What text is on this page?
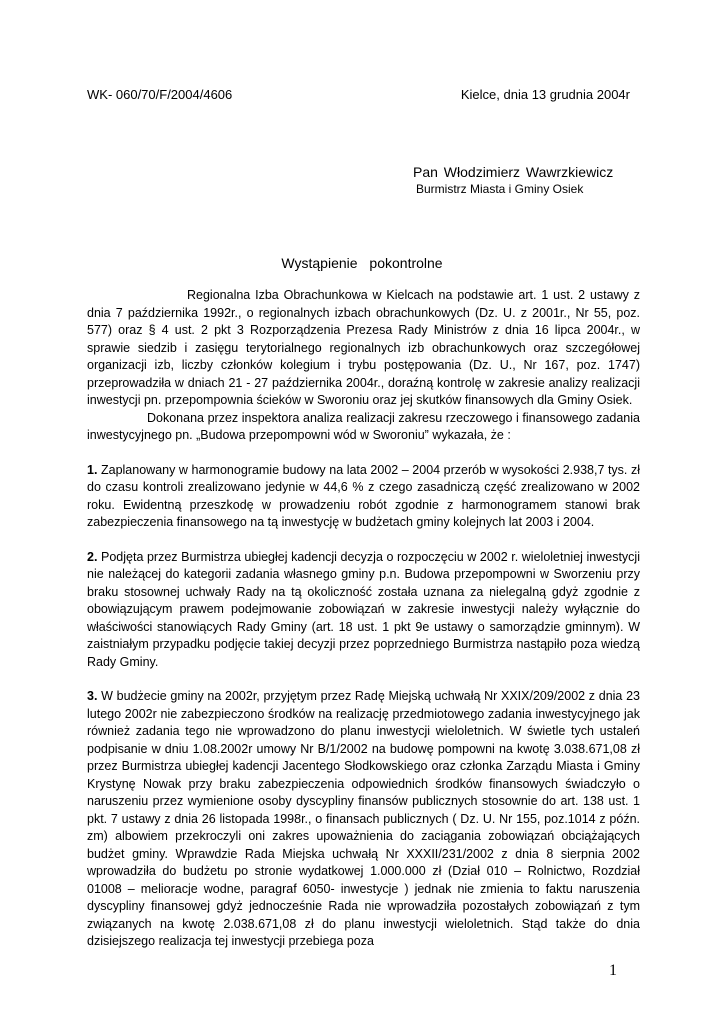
WK- 060/70/F/2004/4606	Kielce, dnia 13 grudnia 2004r
Pan Włodzimierz Wawrzkiewicz
Burmistrz Miasta i Gminy Osiek
Wystąpienie pokontrolne

Regionalna Izba Obrachunkowa w Kielcach na podstawie art. 1 ust. 2 ustawy z dnia 7 października 1992r., o regionalnych izbach obrachunkowych (Dz. U. z 2001r., Nr 55, poz. 577) oraz § 4 ust. 2 pkt 3 Rozporządzenia Prezesa Rady Ministrów z dnia 16 lipca 2004r., w sprawie siedzib i zasięgu terytorialnego regionalnych izb obrachunkowych oraz szczegółowej organizacji izb, liczby członków kolegium i trybu postępowania (Dz. U., Nr 167, poz. 1747) przeprowadziła w dniach 21 - 27 października 2004r., doraźną kontrolę w zakresie analizy realizacji inwestycji pn. przepompownia ścieków w Sworoniu oraz jej skutków finansowych dla Gminy Osiek.

Dokonana przez inspektora analiza realizacji zakresu rzeczowego i finansowego zadania inwestycyjnego pn. „Budowa przepompowni wód w Sworoniu” wykazała, że :

1. Zaplanowany w harmonogramie budowy na lata 2002 – 2004 przerób w wysokości 2.938,7 tys. zł do czasu kontroli zrealizowano jedynie w 44,6 % z czego zasadniczą część zrealizowano w 2002 roku. Ewidentną przeszkodę w prowadzeniu robót zgodnie z harmonogramem stanowi brak zabezpieczenia finansowego na tą inwestycję w budżetach gminy kolejnych lat 2003 i 2004.

2. Podjęta przez Burmistrza ubiegłej kadencji decyzja o rozpoczęciu w 2002 r. wieloletniej inwestycji nie należącej do kategorii zadania własnego gminy p.n. Budowa przepompowni w Sworzeniu przy braku stosownej uchwały Rady na tą okoliczność została uznana za nielegalną gdyż zgodnie z obowiązującym prawem podejmowanie zobowiązań w zakresie inwestycji należy wyłącznie do właściwości stanowiących Rady Gminy (art. 18 ust. 1 pkt 9e ustawy o samorządzie gminnym). W zaistniałym przypadku podjęcie takiej decyzji przez poprzedniego Burmistrza nastąpiło poza wiedzą Rady Gminy.

3. W budżecie gminy na 2002r, przyjętym przez Radę Miejską uchwałą Nr XXIX/209/2002 z dnia 23 lutego 2002r nie zabezpieczono środków na realizację przedmiotowego zadania inwestycyjnego jak również zadania tego nie wprowadzono do planu inwestycji wieloletnich. W świetle tych ustaleń podpisanie w dniu 1.08.2002r umowy Nr B/1/2002 na budowę pompowni na kwotę 3.038.671,08 zł przez Burmistrza ubiegłej kadencji Jacentego Słodkowskiego oraz członka Zarządu Miasta i Gminy Krystynę Nowak przy braku zabezpieczenia odpowiednich środków finansowych świadczyło o naruszeniu przez wymienione osoby dyscypliny finansów publicznych stosownie do art. 138 ust. 1 pkt. 7 ustawy z dnia 26 listopada 1998r., o finansach publicznych ( Dz. U. Nr 155, poz.1014 z późn. zm) albowiem przekroczyli oni zakres upoważnienia do zaciągania zobowiązań obciążających budżet gminy. Wprawdzie Rada Miejska uchwałą Nr XXXII/231/2002 z dnia 8 sierpnia 2002 wprowadziła do budżetu po stronie wydatkowej 1.000.000 zł (Dział 010 – Rolnictwo, Rozdział 01008 – melioracje wodne, paragraf 6050- inwestycje ) jednak nie zmienia to faktu naruszenia dyscypliny finansowej gdyż jednocześnie Rada nie wprowadziła pozostałych zobowiązań z tym związanych na kwotę 2.038.671,08 zł do planu inwestycji wieloletnich. Stąd także do dnia dzisiejszego realizacja tej inwestycji przebiega poza

1
